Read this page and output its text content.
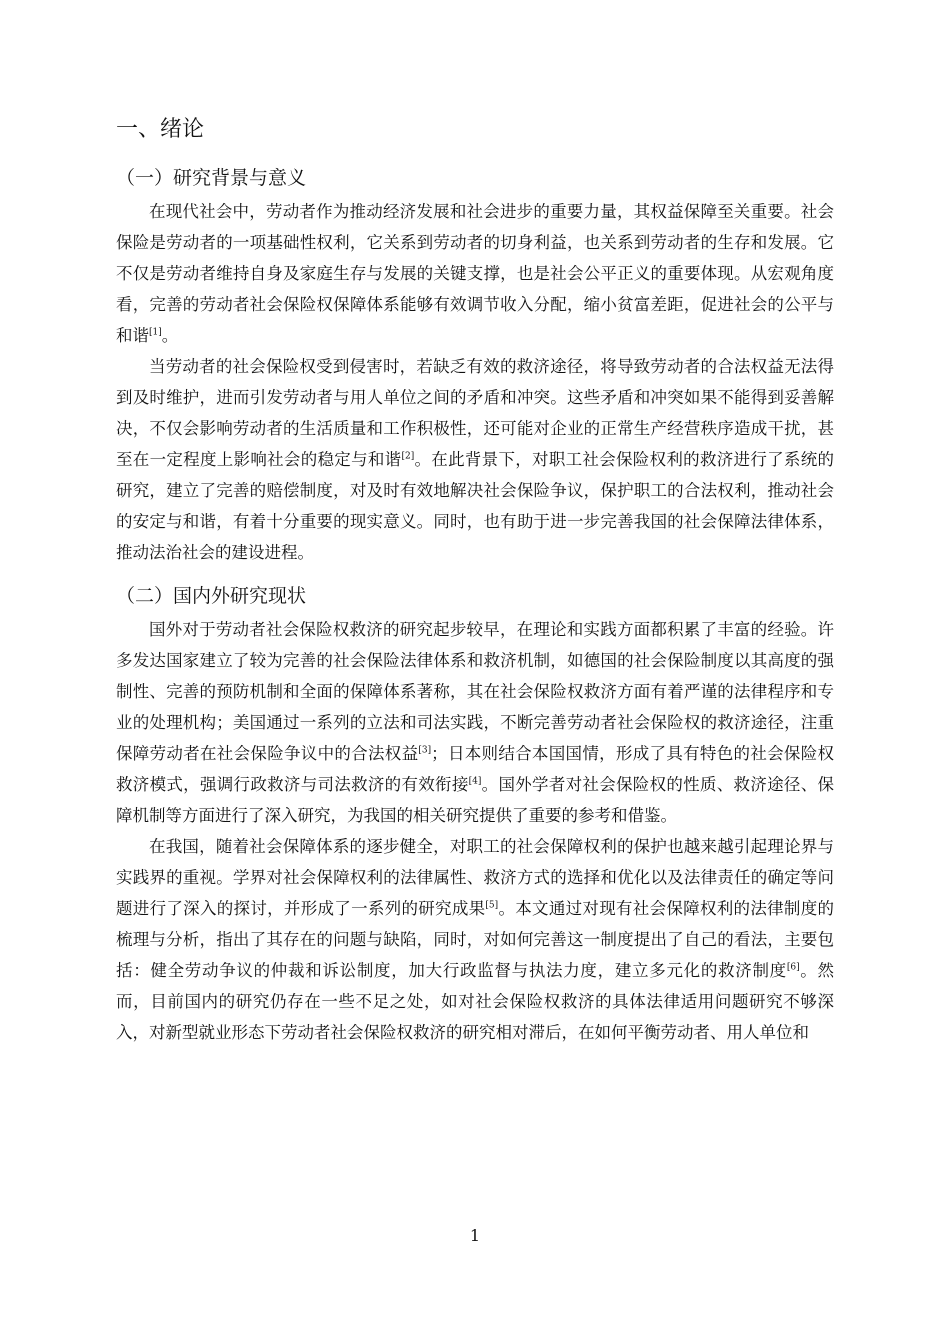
一、绪论
（一）研究背景与意义

在现代社会中，劳动者作为推动经济发展和社会进步的重要力量，其权益保障至关重要。社会保险是劳动者的一项基础性权利，它关系到劳动者的切身利益，也关系到劳动者的生存和发展。它不仅是劳动者维持自身及家庭生存与发展的关键支撑，也是社会公平正义的重要体现。从宏观角度看，完善的劳动者社会保险权保障体系能够有效调节收入分配，缩小贫富差距，促进社会的公平与和谐[1]。

当劳动者的社会保险权受到侵害时，若缺乏有效的救济途径，将导致劳动者的合法权益无法得到及时维护，进而引发劳动者与用人单位之间的矛盾和冲突。这些矛盾和冲突如果不能得到妥善解决，不仅会影响劳动者的生活质量和工作积极性，还可能对企业的正常生产经营秩序造成干扰，甚至在一定程度上影响社会的稳定与和谐[2]。在此背景下，对职工社会保险权利的救济进行了系统的研究，建立了完善的赔偿制度，对及时有效地解决社会保险争议，保护职工的合法权利，推动社会的安定与和谐，有着十分重要的现实意义。同时，也有助于进一步完善我国的社会保障法律体系，推动法治社会的建设进程。

（二）国内外研究现状

国外对于劳动者社会保险权救济的研究起步较早，在理论和实践方面都积累了丰富的经验。许多发达国家建立了较为完善的社会保险法律体系和救济机制，如德国的社会保险制度以其高度的强制性、完善的预防机制和全面的保障体系著称，其在社会保险权救济方面有着严谨的法律程序和专业的处理机构；美国通过一系列的立法和司法实践，不断完善劳动者社会保险权的救济途径，注重保障劳动者在社会保险争议中的合法权益[3]；日本则结合本国国情，形成了具有特色的社会保险权救济模式，强调行政救济与司法救济的有效衔接[4]。国外学者对社会保险权的性质、救济途径、保障机制等方面进行了深入研究，为我国的相关研究提供了重要的参考和借鉴。

在我国，随着社会保障体系的逐步健全，对职工的社会保障权利的保护也越来越引起理论界与实践界的重视。学界对社会保障权利的法律属性、救济方式的选择和优化以及法律责任的确定等问题进行了深入的探讨，并形成了一系列的研究成果[5]。本文通过对现有社会保障权利的法律制度的梳理与分析，指出了其存在的问题与缺陷，同时，对如何完善这一制度提出了自己的看法，主要包括：健全劳动争议的仲裁和诉讼制度，加大行政监督与执法力度，建立多元化的救济制度[6]。然而，目前国内的研究仍存在一些不足之处，如对社会保险权救济的具体法律适用问题研究不够深入，对新型就业形态下劳动者社会保险权救济的研究相对滞后，在如何平衡劳动者、用人单位和

1
